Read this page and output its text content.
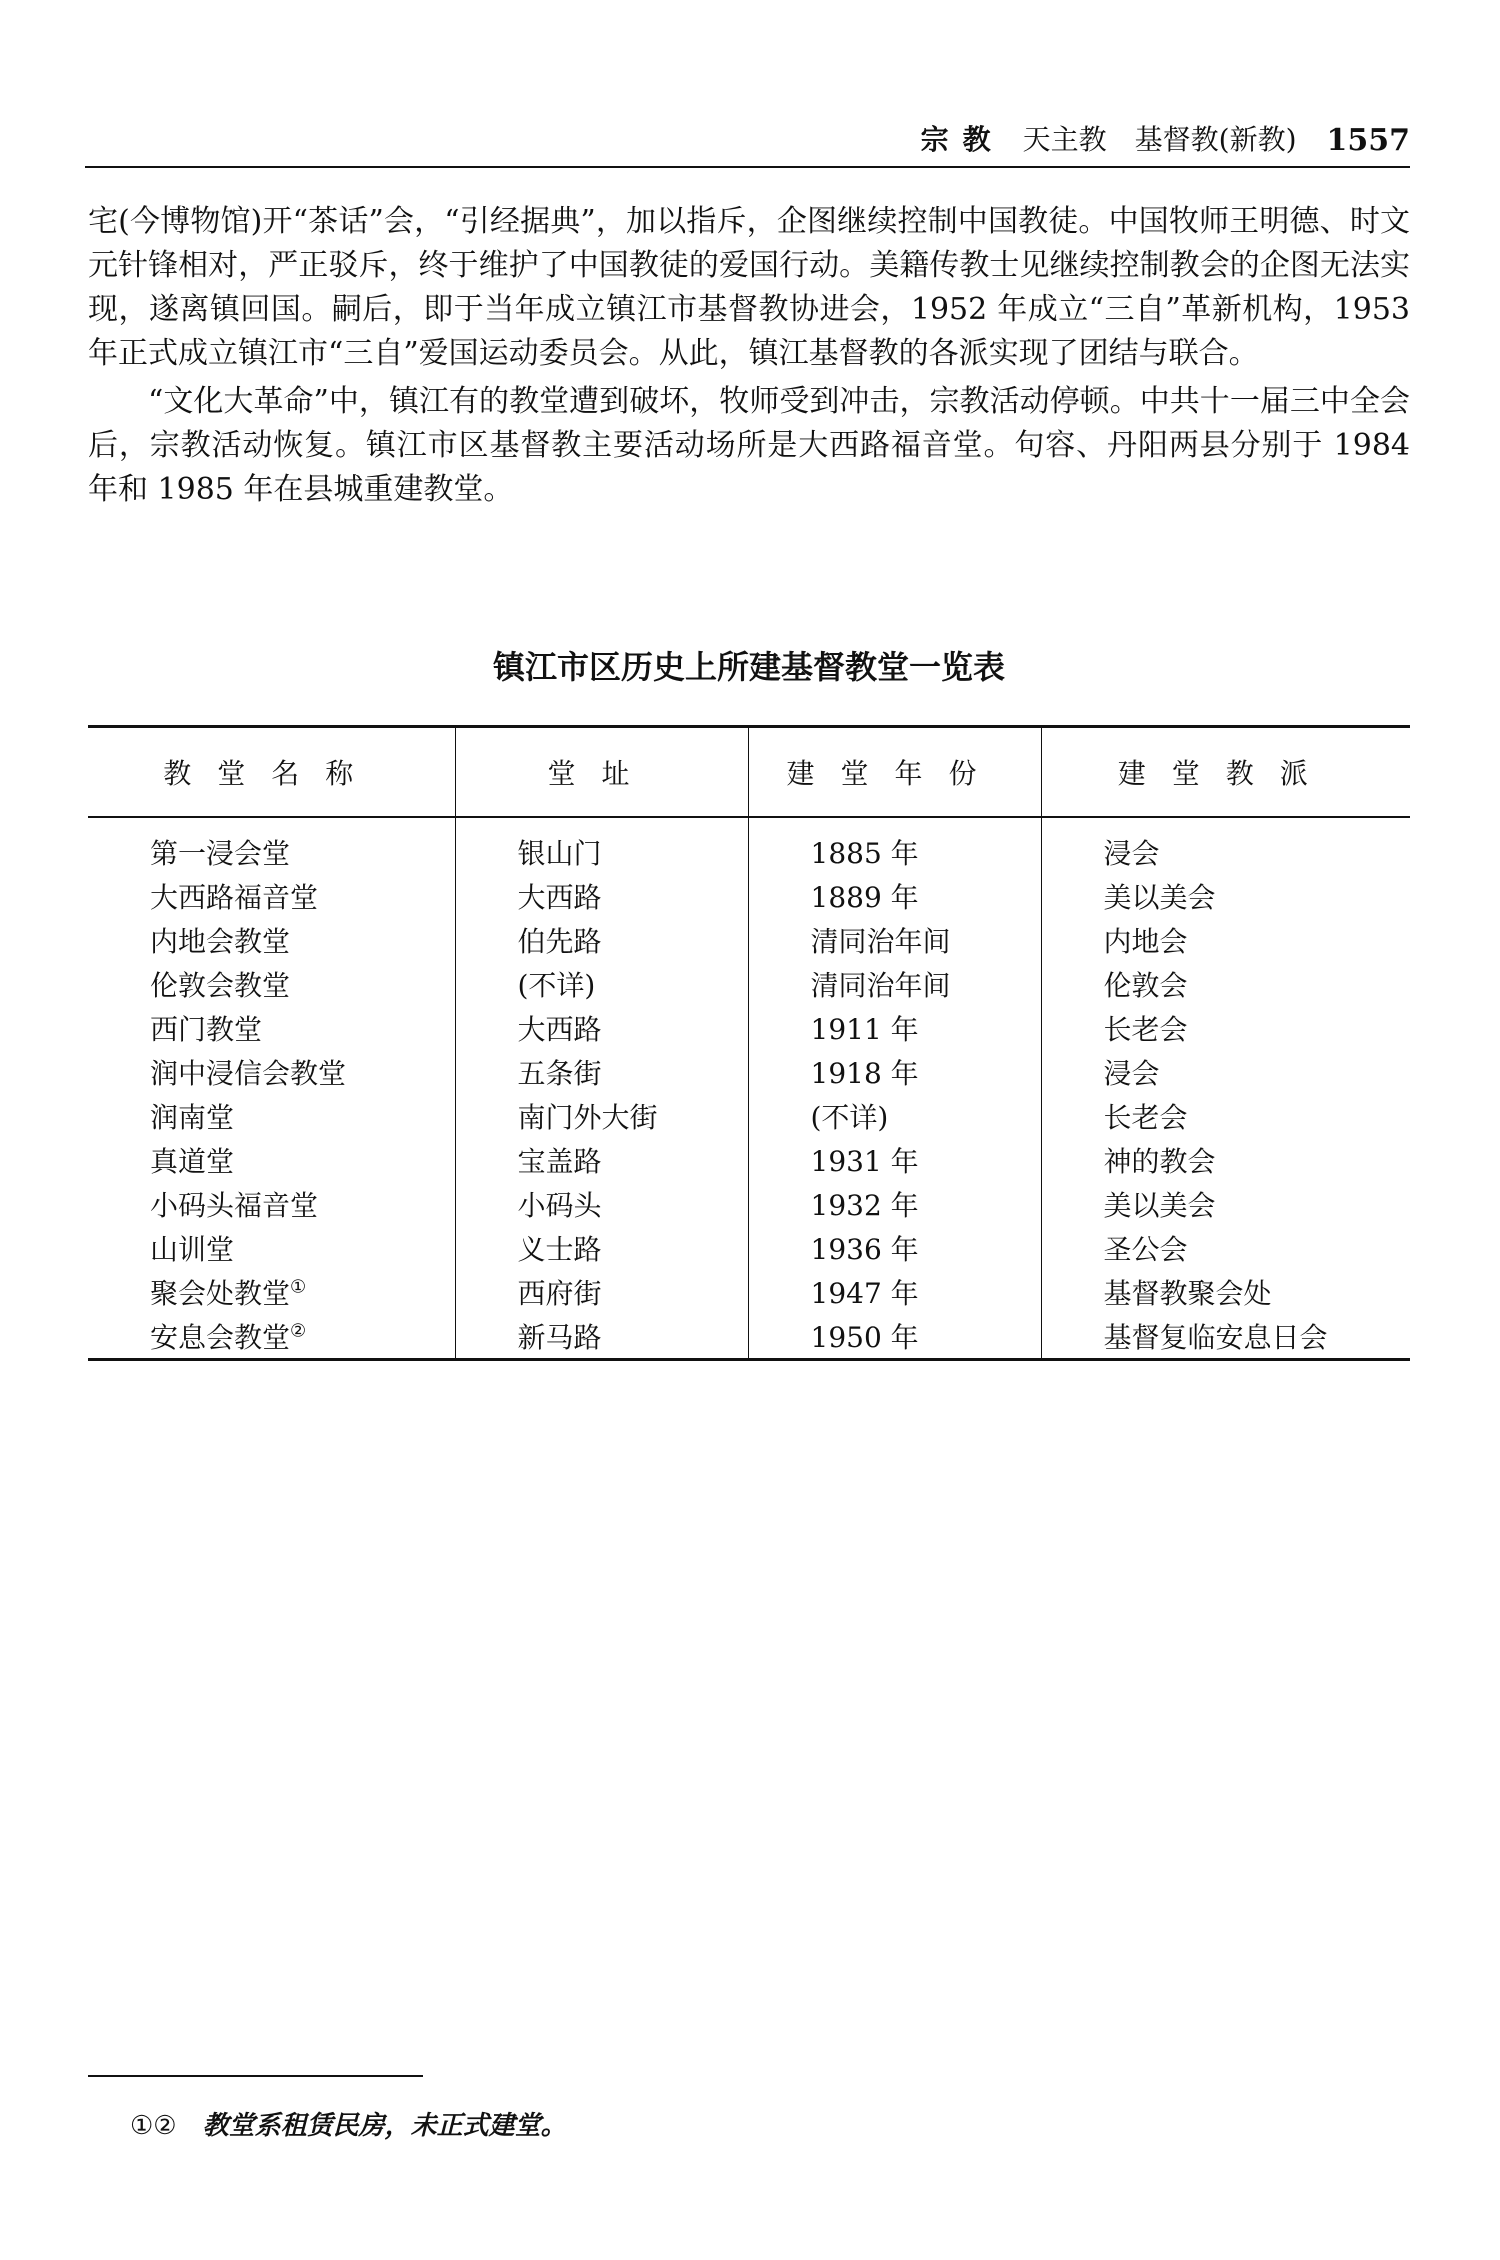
宗教 天主教　基督教(新教) 1557

宅(今博物馆)开“茶话”会，“引经据典”，加以指斥，企图继续控制中国教徒。中国牧师王明德、时文元针锋相对，严正驳斥，终于维护了中国教徒的爱国行动。美籍传教士见继续控制教会的企图无法实现，遂离镇回国。嗣后，即于当年成立镇江市基督教协进会，1952 年成立“三自”革新机构，1953 年正式成立镇江市“三自”爱国运动委员会。从此，镇江基督教的各派实现了团结与联合。

“文化大革命”中，镇江有的教堂遭到破坏，牧师受到冲击，宗教活动停顿。中共十一届三中全会后，宗教活动恢复。镇江市区基督教主要活动场所是大西路福音堂。句容、丹阳两县分别于 1984 年和 1985 年在县城重建教堂。

镇江市区历史上所建基督教堂一览表
教堂名称	堂址	建堂年份	建堂教派
第一浸会堂	银山门	1885 年	浸会
大西路福音堂	大西路	1889 年	美以美会
内地会教堂	伯先路	清同治年间	内地会
伦敦会教堂	(不详)	清同治年间	伦敦会
西门教堂	大西路	1911 年	长老会
润中浸信会教堂	五条街	1918 年	浸会
润南堂	南门外大街	(不详)	长老会
真道堂	宝盖路	1931 年	神的教会
小码头福音堂	小码头	1932 年	美以美会
山训堂	义士路	1936 年	圣公会
聚会处教堂①	西府街	1947 年	基督教聚会处
安息会教堂②	新马路	1950 年	基督复临安息日会
①② 教堂系租赁民房，未正式建堂。
